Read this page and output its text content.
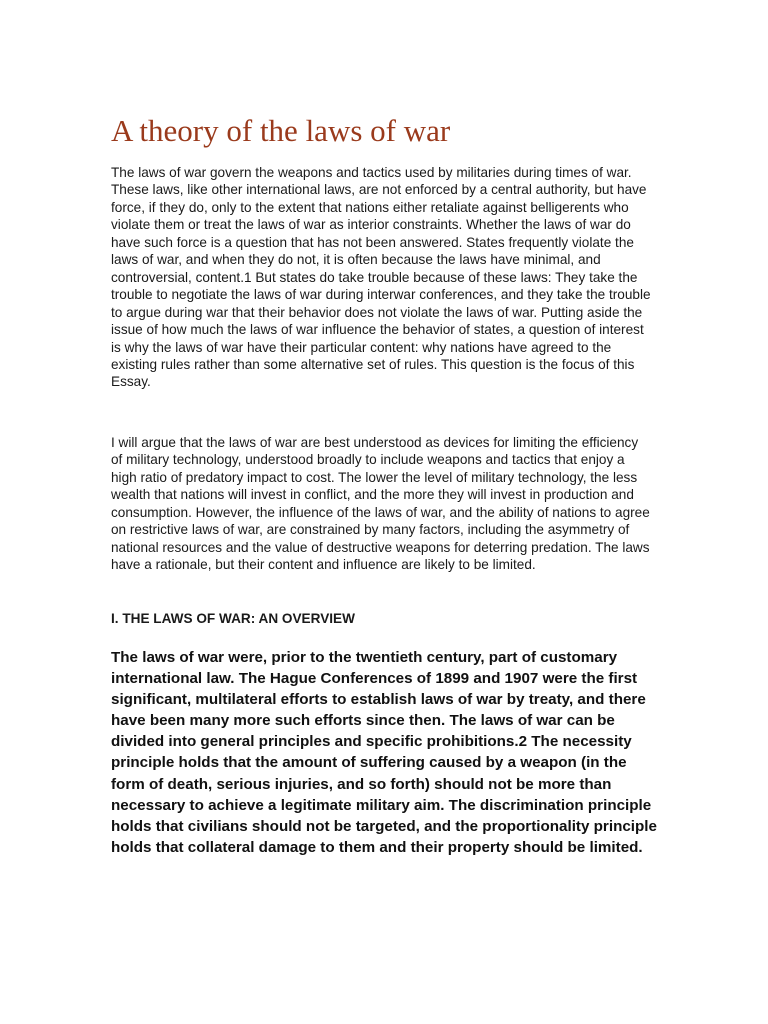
A theory of the laws of war

The laws of war govern the weapons and tactics used by militaries during times of war. These laws, like other international laws, are not enforced by a central authority, but have force, if they do, only to the extent that nations either retaliate against belligerents who violate them or treat the laws of war as interior constraints. Whether the laws of war do have such force is a question that has not been answered. States frequently violate the laws of war, and when they do not, it is often because the laws have minimal, and controversial, content.1 But states do take trouble because of these laws: They take the trouble to negotiate the laws of war during interwar conferences, and they take the trouble to argue during war that their behavior does not violate the laws of war. Putting aside the issue of how much the laws of war influence the behavior of states, a question of interest is why the laws of war have their particular content: why nations have agreed to the existing rules rather than some alternative set of rules. This question is the focus of this Essay.

I will argue that the laws of war are best understood as devices for limiting the efficiency of military technology, understood broadly to include weapons and tactics that enjoy a high ratio of predatory impact to cost. The lower the level of military technology, the less wealth that nations will invest in conflict, and the more they will invest in production and consumption. However, the influence of the laws of war, and the ability of nations to agree on restrictive laws of war, are constrained by many factors, including the asymmetry of national resources and the value of destructive weapons for deterring predation. The laws have a rationale, but their content and influence are likely to be limited.

I. THE LAWS OF WAR: AN OVERVIEW

The laws of war were, prior to the twentieth century, part of customary international law. The Hague Conferences of 1899 and 1907 were the first significant, multilateral efforts to establish laws of war by treaty, and there have been many more such efforts since then. The laws of war can be divided into general principles and specific prohibitions.2 The necessity principle holds that the amount of suffering caused by a weapon (in the form of death, serious injuries, and so forth) should not be more than necessary to achieve a legitimate military aim. The discrimination principle holds that civilians should not be targeted, and the proportionality principle holds that collateral damage to them and their property should be limited.
